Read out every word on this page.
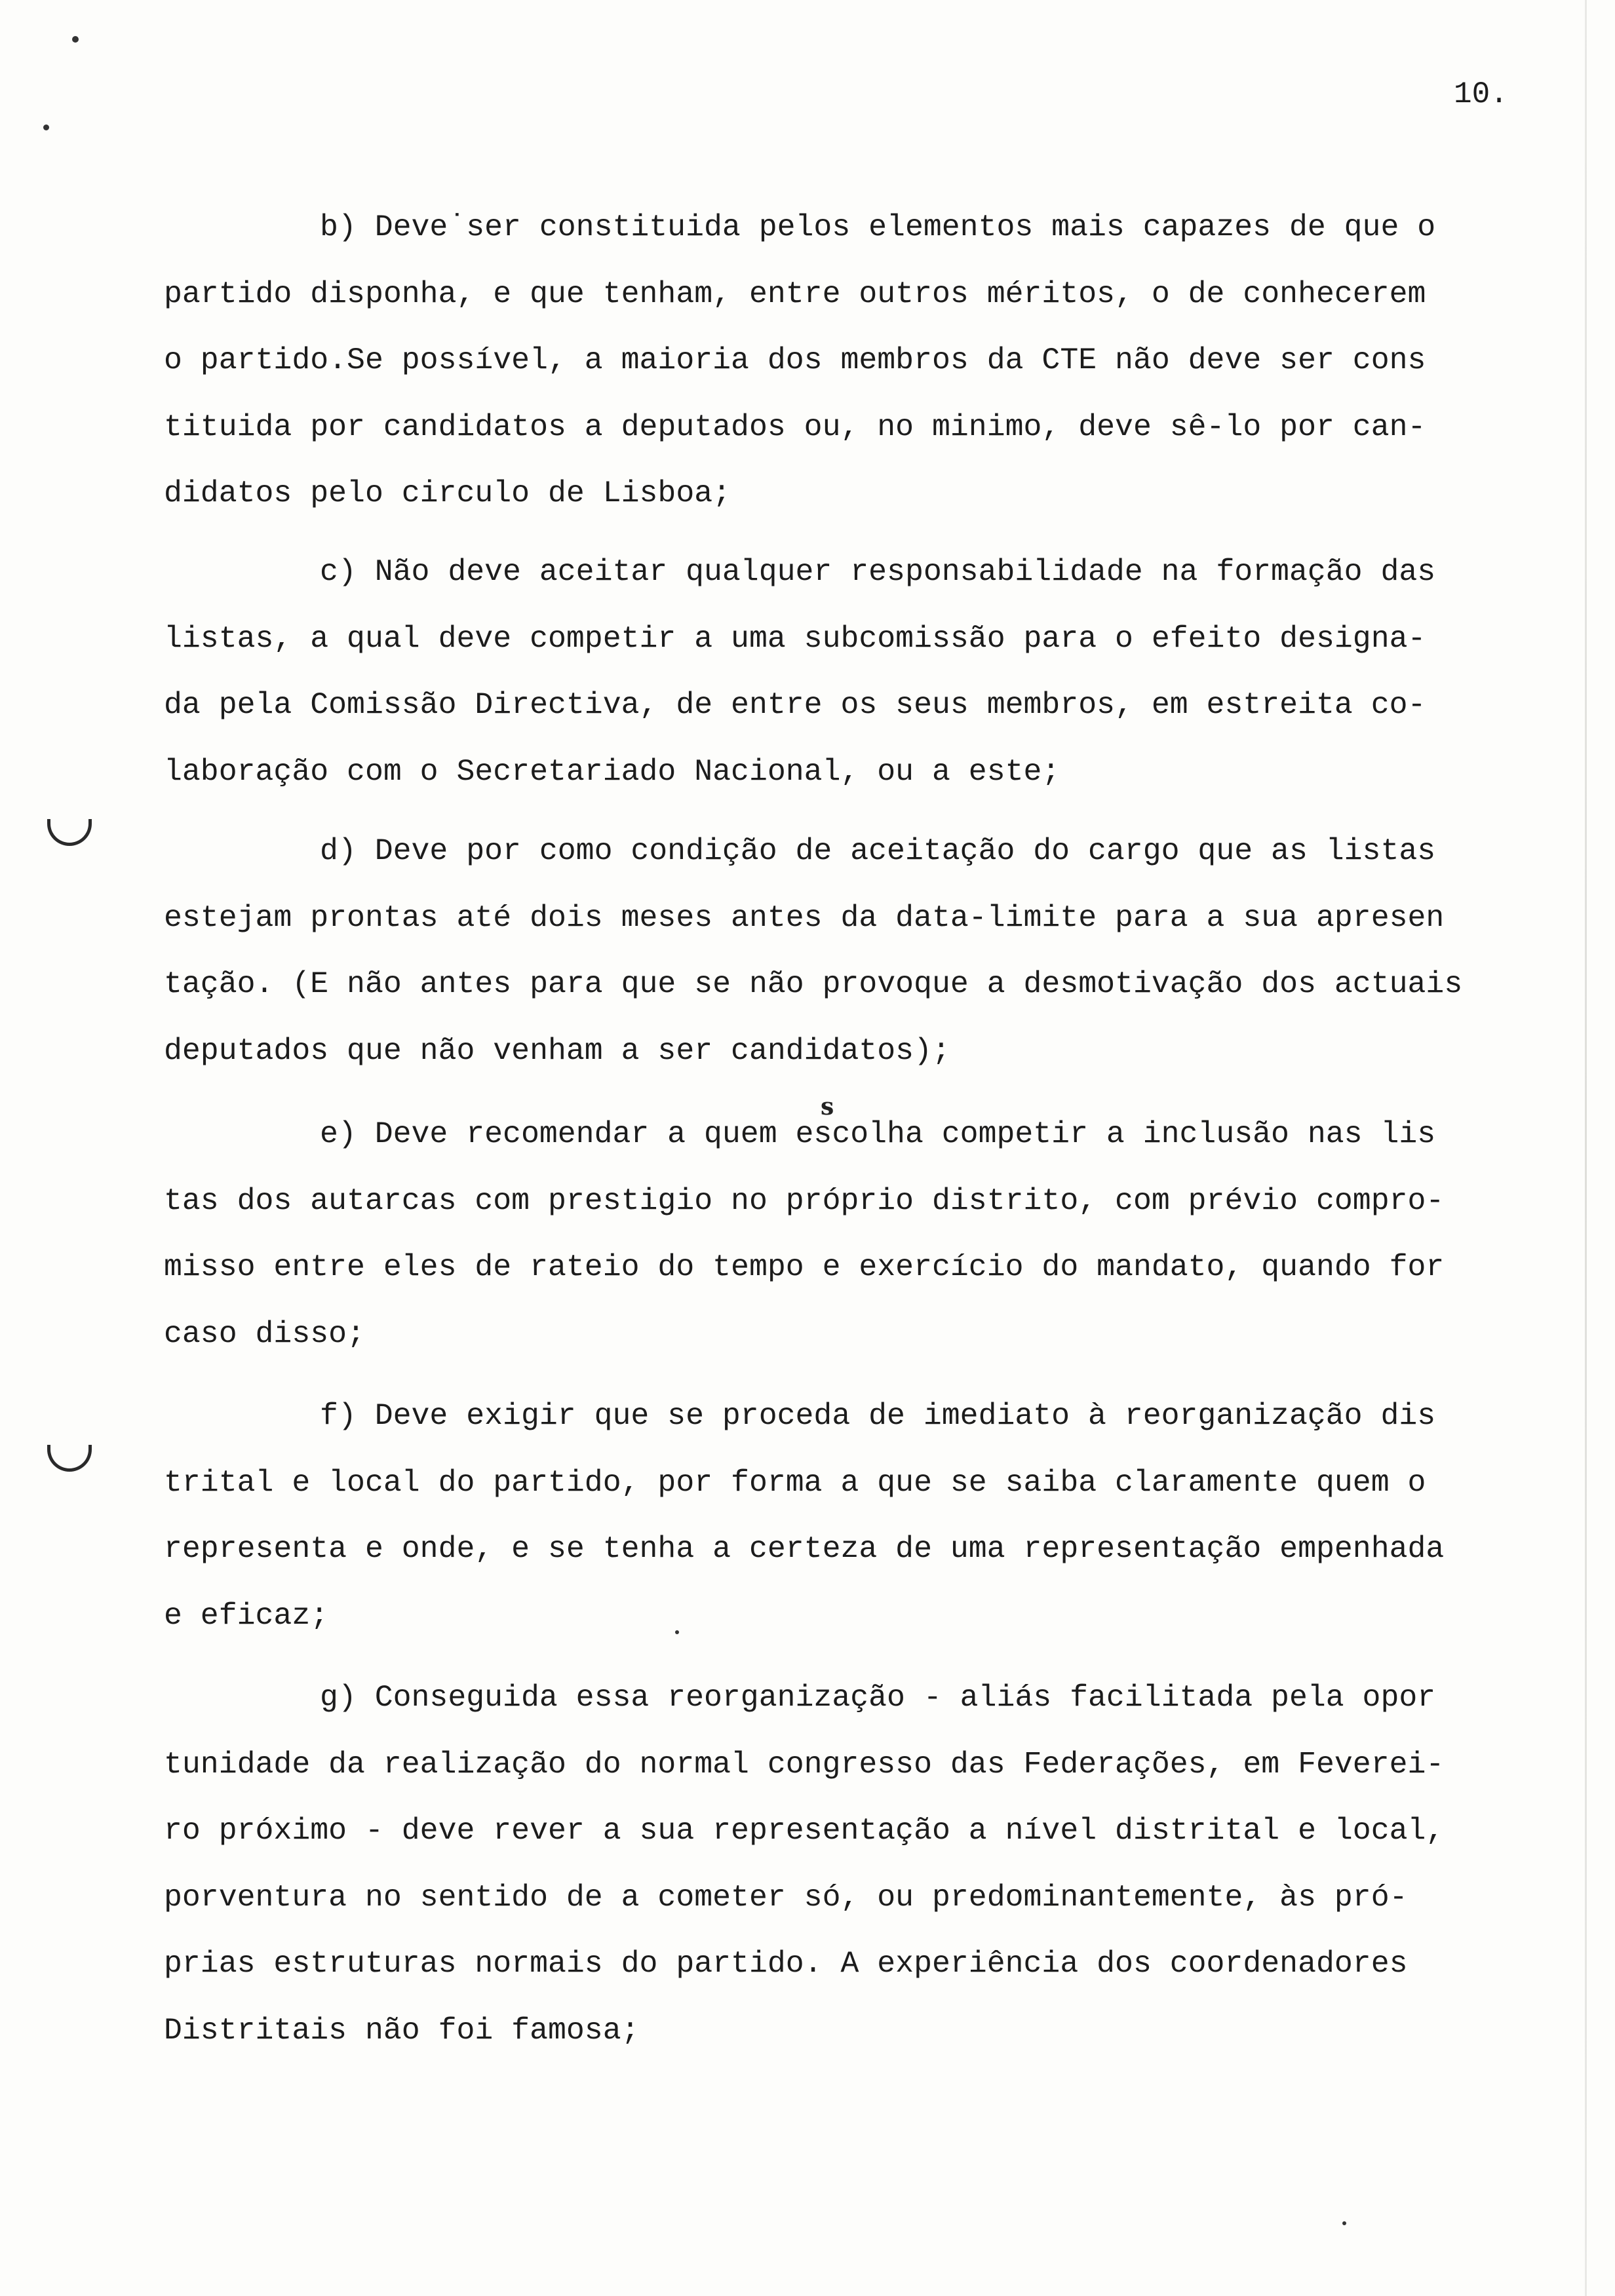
10.
s
b) Deve˙ser constituida pelos elementos mais capazes de que o
partido disponha, e que tenham, entre outros méritos, o de conhecerem
o partido.Se possível, a maioria dos membros da CTE não deve ser cons
tituida por candidatos a deputados ou, no minimo, deve sê-lo por can-
didatos pelo circulo de Lisboa;
c) Não deve aceitar qualquer responsabilidade na formação das
listas, a qual deve competir a uma subcomissão para o efeito designa-
da pela Comissão Directiva, de entre os seus membros, em estreita co-
laboração com o Secretariado Nacional, ou a este;
d) Deve por como condição de aceitação do cargo que as listas
estejam prontas até dois meses antes da data-limite para a sua apresen
tação. (E não antes para que se não provoque a desmotivação dos actuais
deputados que não venham a ser candidatos);
e) Deve recomendar a quem escolha competir a inclusão nas lis
tas dos autarcas com prestigio no próprio distrito, com prévio compro-
misso entre eles de rateio do tempo e exercício do mandato, quando for
caso disso;
f) Deve exigir que se proceda de imediato à reorganização dis
trital e local do partido, por forma a que se saiba claramente quem o
representa e onde, e se tenha a certeza de uma representação empenhada
e eficaz;
g) Conseguida essa reorganização - aliás facilitada pela opor
tunidade da realização do normal congresso das Federações, em Feverei-
ro próximo - deve rever a sua representação a nível distrital e local,
porventura no sentido de a cometer só, ou predominantemente, às pró-
prias estruturas normais do partido. A experiência dos coordenadores
Distritais não foi famosa;
